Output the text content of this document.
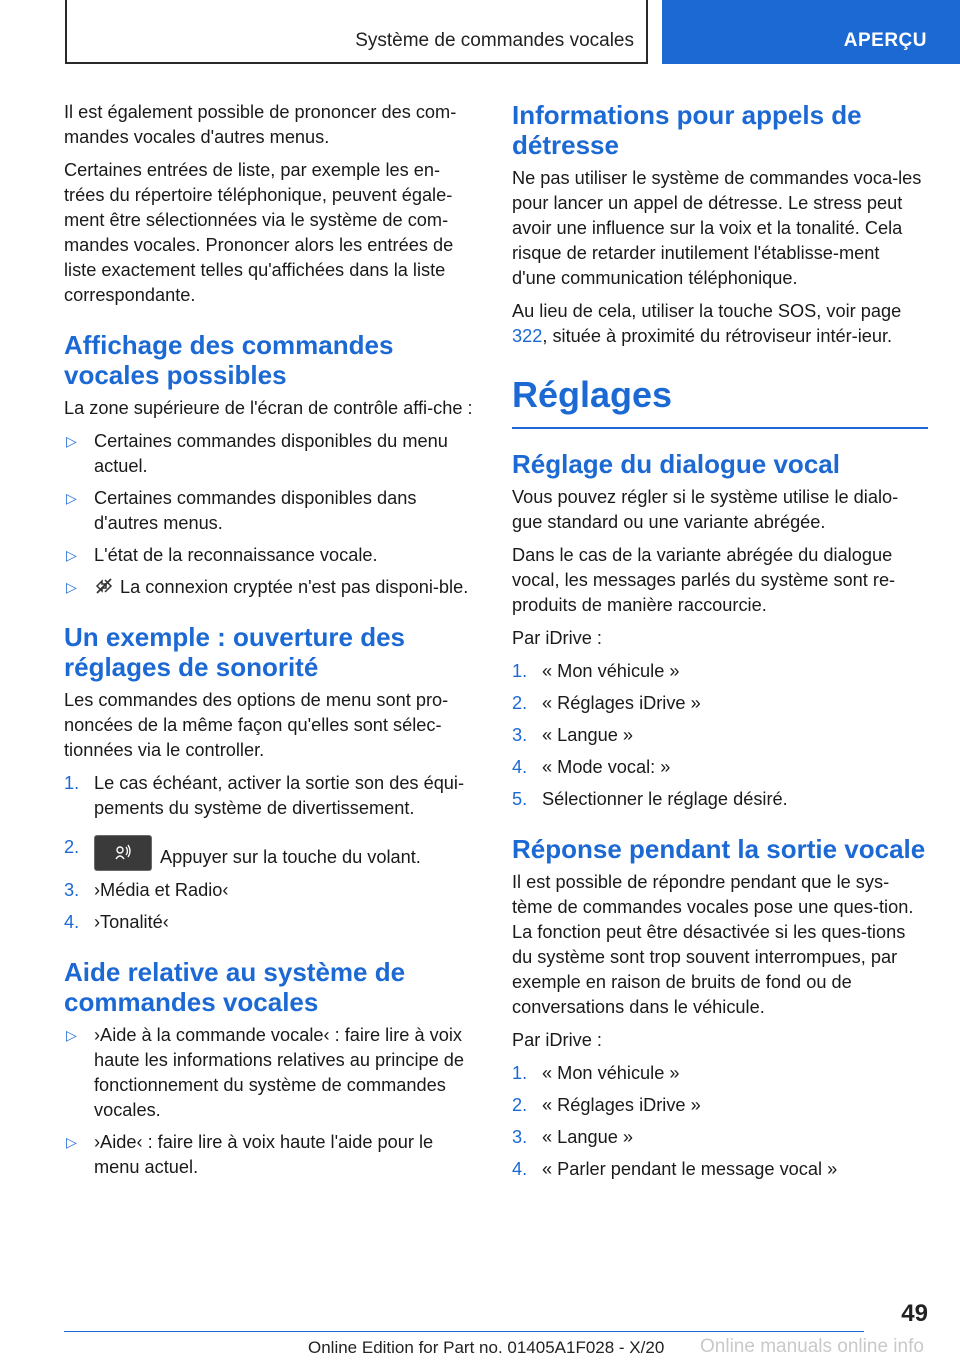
Système de commandes vocales	APERÇU

Il est également possible de prononcer des com-mandes vocales d'autres menus.

Certaines entrées de liste, par exemple les en-trées du répertoire téléphonique, peuvent égale-ment être sélectionnées via le système de com-mandes vocales. Prononcer alors les entrées de liste exactement telles qu'affichées dans la liste correspondante.

Affichage des commandes vocales possibles

La zone supérieure de l'écran de contrôle affi-che :

▷ Certaines commandes disponibles du menu actuel.
▷ Certaines commandes disponibles dans d'autres menus.
▷ L'état de la reconnaissance vocale.
▷ La connexion cryptée n'est pas disponi-ble.
Un exemple : ouverture des réglages de sonorité

Les commandes des options de menu sont pro-noncées de la même façon qu'elles sont sélec-tionnées via le controller.

1. Le cas échéant, activer la sortie son des équi-pements du système de divertissement.
2.	Appuyer sur la touche du volant.
3. ›Média et Radio‹
4. ›Tonalité‹
Aide relative au système de commandes vocales
▷ ›Aide à la commande vocale‹ : faire lire à voix haute les informations relatives au principe de fonctionnement du système de commandes vocales.
▷ ›Aide‹ : faire lire à voix haute l'aide pour le menu actuel.
Informations pour appels de détresse

Ne pas utiliser le système de commandes voca-les pour lancer un appel de détresse. Le stress peut avoir une influence sur la voix et la tonalité. Cela risque de retarder inutilement l'établisse-ment d'une communication téléphonique.

Au lieu de cela, utiliser la touche SOS, voir page 322, située à proximité du rétroviseur intér-ieur.

Réglages
Réglage du dialogue vocal

Vous pouvez régler si le système utilise le dialo-gue standard ou une variante abrégée.

Dans le cas de la variante abrégée du dialogue vocal, les messages parlés du système sont re-produits de manière raccourcie.

Par iDrive :

1. « Mon véhicule »
2. « Réglages iDrive »
3. « Langue »
4. « Mode vocal: »
5. Sélectionner le réglage désiré.
Réponse pendant la sortie vocale

Il est possible de répondre pendant que le sys-tème de commandes vocales pose une ques-tion. La fonction peut être désactivée si les ques-tions du système sont trop souvent interrompues, par exemple en raison de bruits de fond ou de conversations dans le véhicule.

Par iDrive :

1. « Mon véhicule »
2. « Réglages iDrive »
3. « Langue »
4. « Parler pendant le message vocal »
49
Online Edition for Part no. 01405A1F028 - X/20 Online manuals online info
